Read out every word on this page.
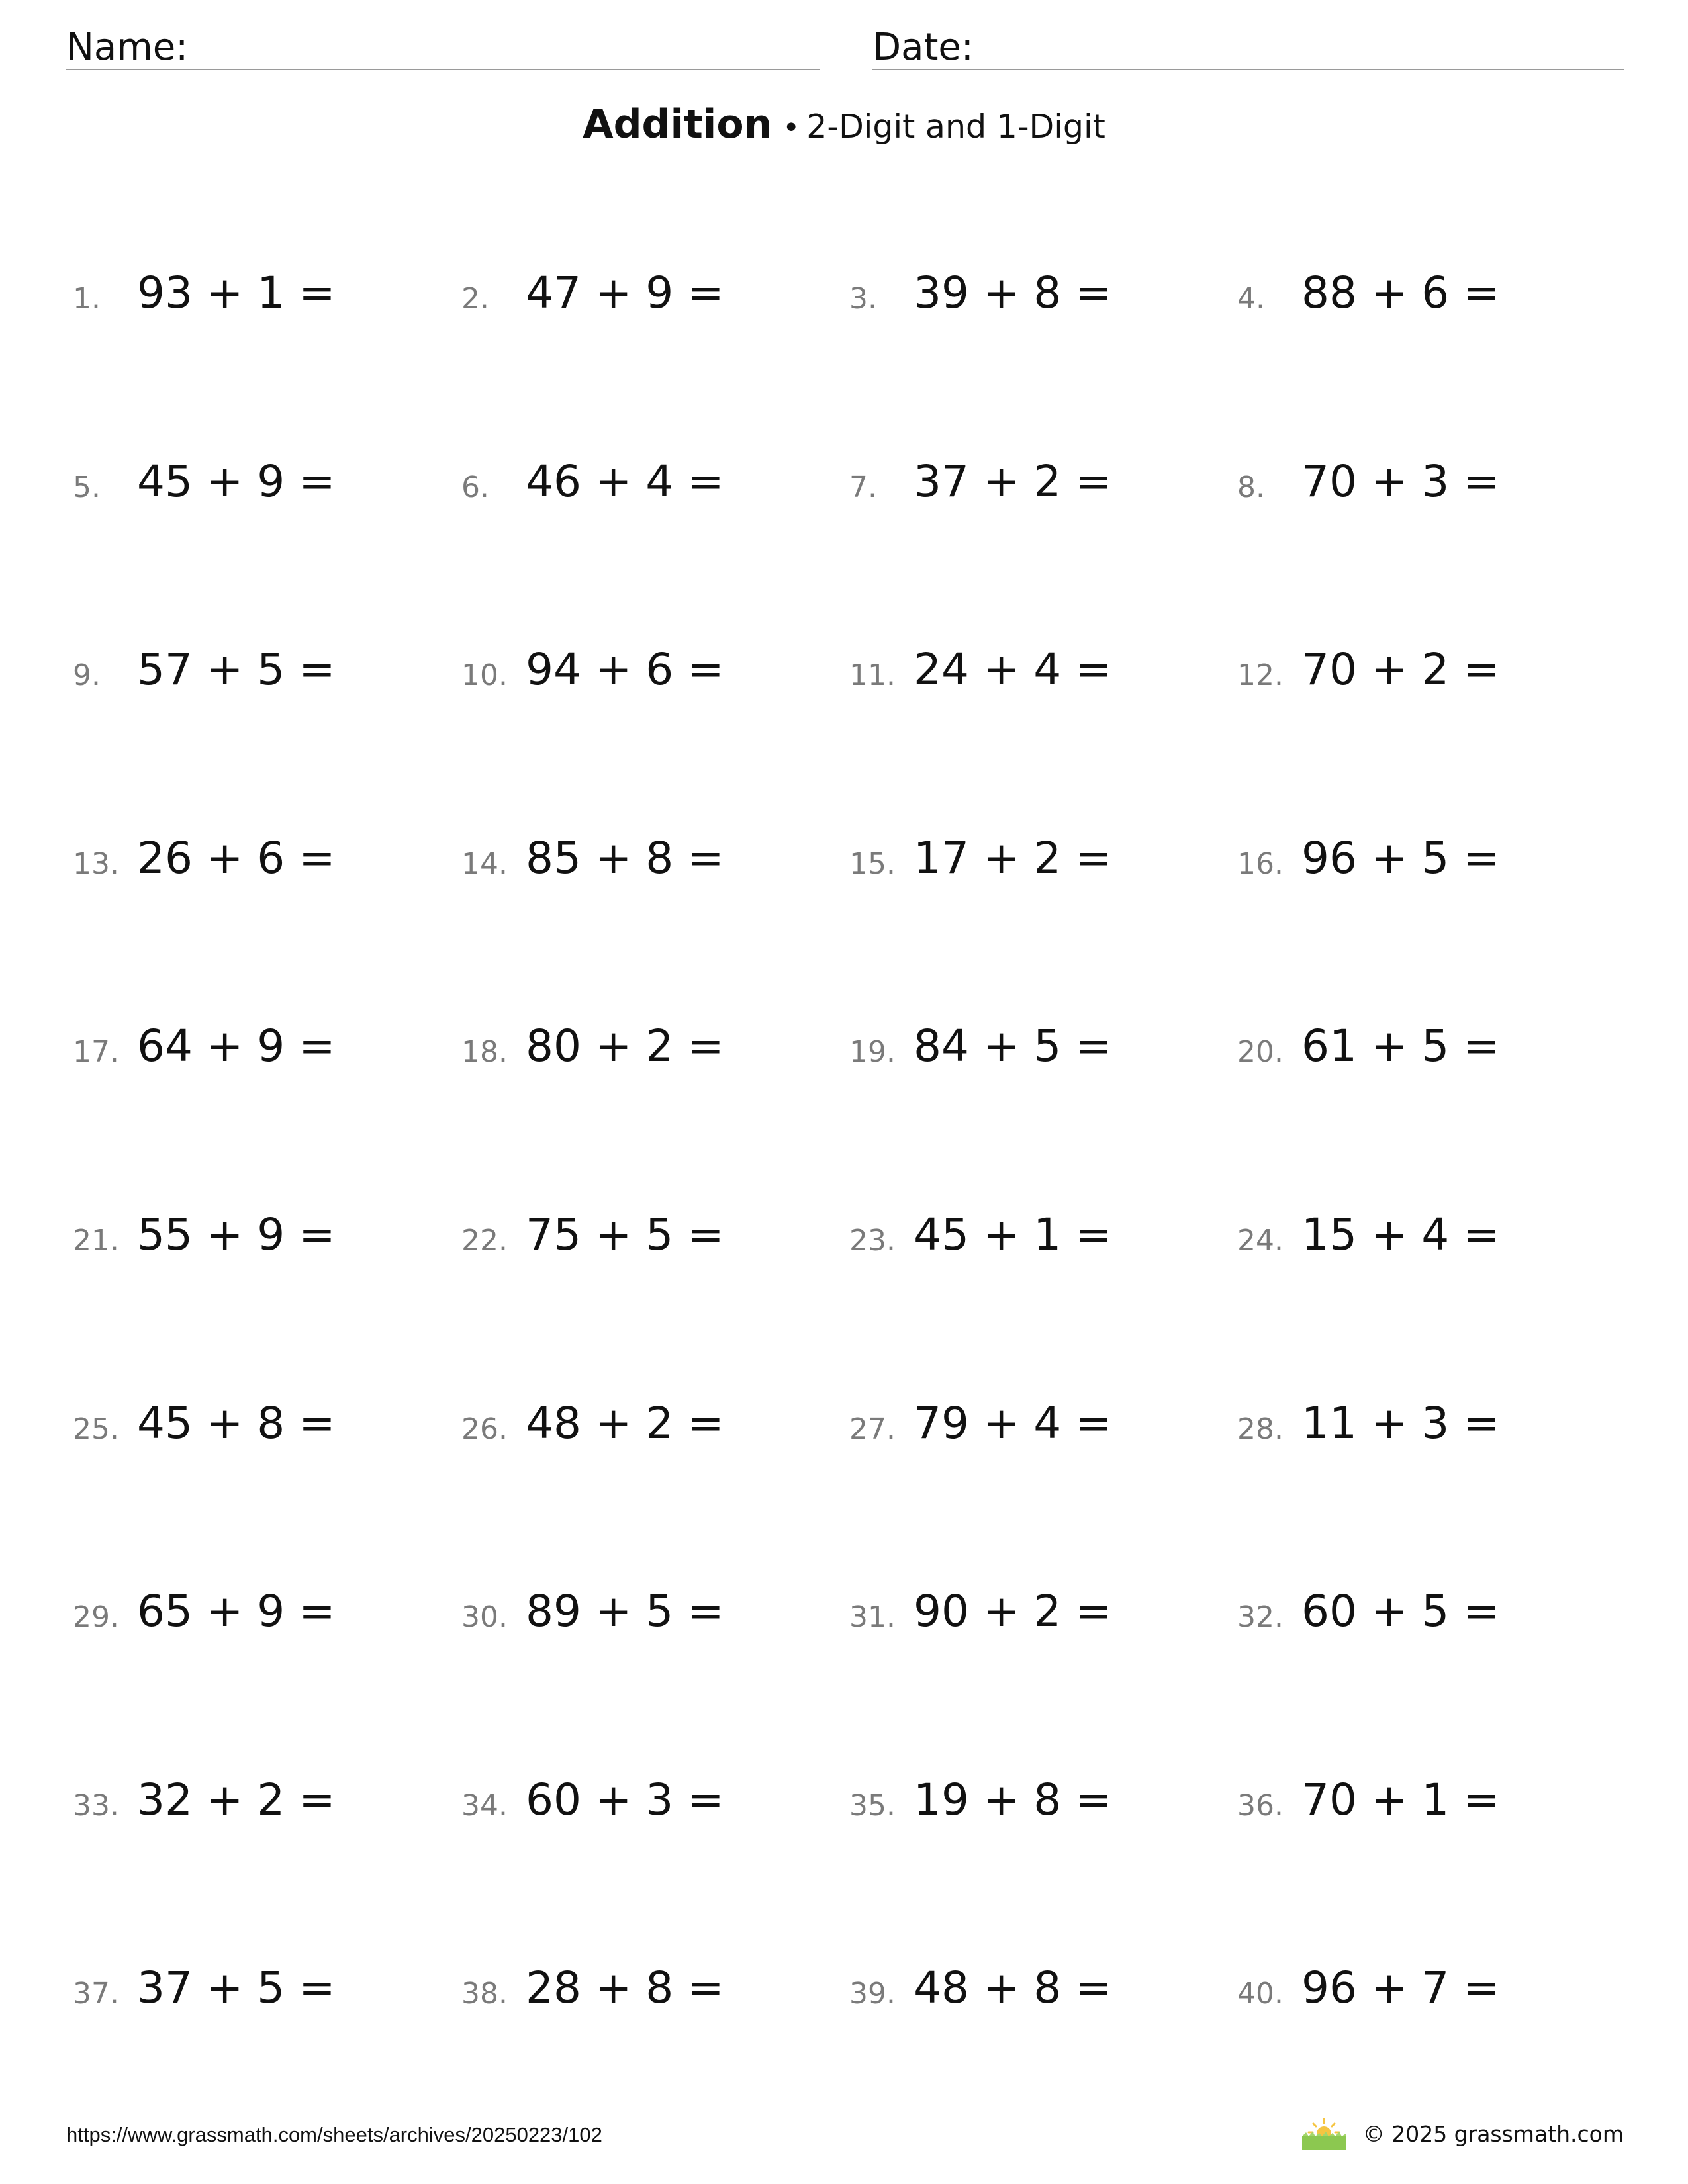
Name:	Date:
Addition • 2-Digit and 1-Digit
1. 93 + 1 =	2. 47 + 9 =	3. 39 + 8 =	4. 88 + 6 =
5. 45 + 9 =	6. 46 + 4 =	7. 37 + 2 =	8. 70 + 3 =
9. 57 + 5 =	10. 94 + 6 =	11. 24 + 4 =	12. 70 + 2 =
13. 26 + 6 =	14. 85 + 8 =	15. 17 + 2 =	16. 96 + 5 =
17. 64 + 9 =	18. 80 + 2 =	19. 84 + 5 =	20. 61 + 5 =
21. 55 + 9 =	22. 75 + 5 =	23. 45 + 1 =	24. 15 + 4 =
25. 45 + 8 =	26. 48 + 2 =	27. 79 + 4 =	28. 11 + 3 =
29. 65 + 9 =	30. 89 + 5 =	31. 90 + 2 =	32. 60 + 5 =
33. 32 + 2 =	34. 60 + 3 =	35. 19 + 8 =	36. 70 + 1 =
37. 37 + 5 =	38. 28 + 8 =	39. 48 + 8 =	40. 96 + 7 =
https://www.grassmath.com/sheets/archives/20250223/102	© 2025 grassmath.com
